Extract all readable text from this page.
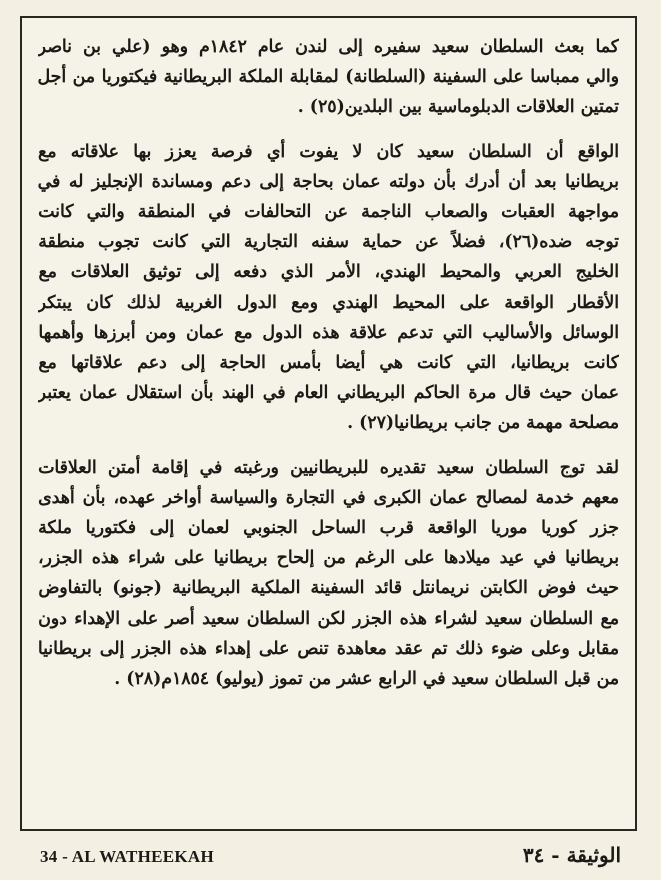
كما بعث السلطان سعيد سفيره إلى لندن عام ١٨٤٢م وهو (علي بن ناصر
والي ممباسا على السفينة (السلطانة) لمقابلة الملكة البريطانية فيكتوريا من أجل
تمتين العلاقات الدبلوماسية بين البلدين(٢٥) .

الواقع أن السلطان سعيد كان لا يفوت أي فرصة يعزز بها علاقاته مع
بريطانيا بعد أن أدرك بأن دولته عمان بحاجة إلى دعم ومساندة الإنجليز له في
مواجهة العقبات والصعاب الناجمة عن التحالفات في المنطقة والتي كانت
توجه ضده(٢٦)، فضلاً عن حماية سفنه التجارية التي كانت تجوب منطقة
الخليج العربي والمحيط الهندي، الأمر الذي دفعه إلى توثيق العلاقات مع
الأقطار الواقعة على المحيط الهندي ومع الدول الغربية لذلك كان يبتكر
الوسائل والأساليب التي تدعم علاقة هذه الدول مع عمان ومن أبرزها وأهمها
كانت بريطانيا، التي كانت هي أيضا بأمس الحاجة إلى دعم علاقاتها مع
عمان حيث قال مرة الحاكم البريطاني العام في الهند بأن استقلال عمان يعتبر
مصلحة مهمة من جانب بريطانيا(٢٧) .

لقد توج السلطان سعيد تقديره للبريطانيين ورغبته في إقامة أمتن العلاقات
معهم خدمة لمصالح عمان الكبرى في التجارة والسياسة أواخر عهده، بأن أهدى
جزر كوريا موريا الواقعة قرب الساحل الجنوبي لعمان إلى فكتوريا ملكة
بريطانيا في عيد ميلادها على الرغم من إلحاح بريطانيا على شراء هذه الجزر،
حيث فوض الكابتن نريمانتل قائد السفينة الملكية البريطانية (جونو) بالتفاوض
مع السلطان سعيد لشراء هذه الجزر لكن السلطان سعيد أصر على الإهداء دون
مقابل وعلى ضوء ذلك تم عقد معاهدة تنص على إهداء هذه الجزر إلى بريطانيا
من قبل السلطان سعيد في الرابع عشر من تموز (يوليو) ١٨٥٤م(٢٨) .

34 - AL WATHEEKAH	الوثيقة - ٣٤
